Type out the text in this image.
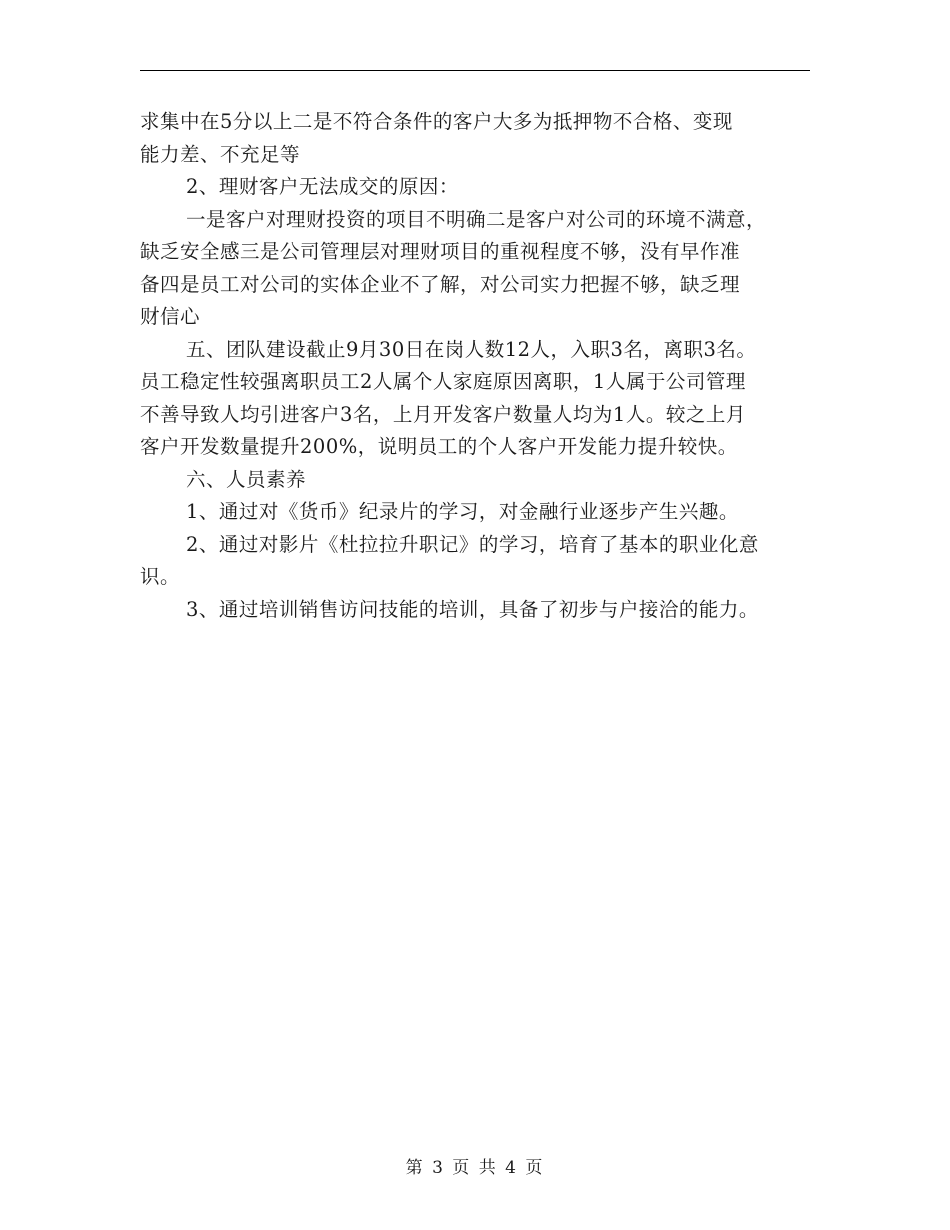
求集中在5分以上二是不符合条件的客户大多为抵押物不合格、变现
能力差、不充足等
2、理财客户无法成交的原因：
一是客户对理财投资的项目不明确二是客户对公司的环境不满意，
缺乏安全感三是公司管理层对理财项目的重视程度不够，没有早作准
备四是员工对公司的实体企业不了解，对公司实力把握不够，缺乏理
财信心
五、团队建设截止9月30日在岗人数12人，入职3名，离职3名。
员工稳定性较强离职员工2人属个人家庭原因离职，1人属于公司管理
不善导致人均引进客户3名，上月开发客户数量人均为1人。较之上月
客户开发数量提升200%，说明员工的个人客户开发能力提升较快。
六、人员素养
1、通过对《货币》纪录片的学习，对金融行业逐步产生兴趣。
2、通过对影片《杜拉拉升职记》的学习，培育了基本的职业化意
识。
3、通过培训销售访问技能的培训，具备了初步与户接洽的能力。
第 3 页 共 4 页
